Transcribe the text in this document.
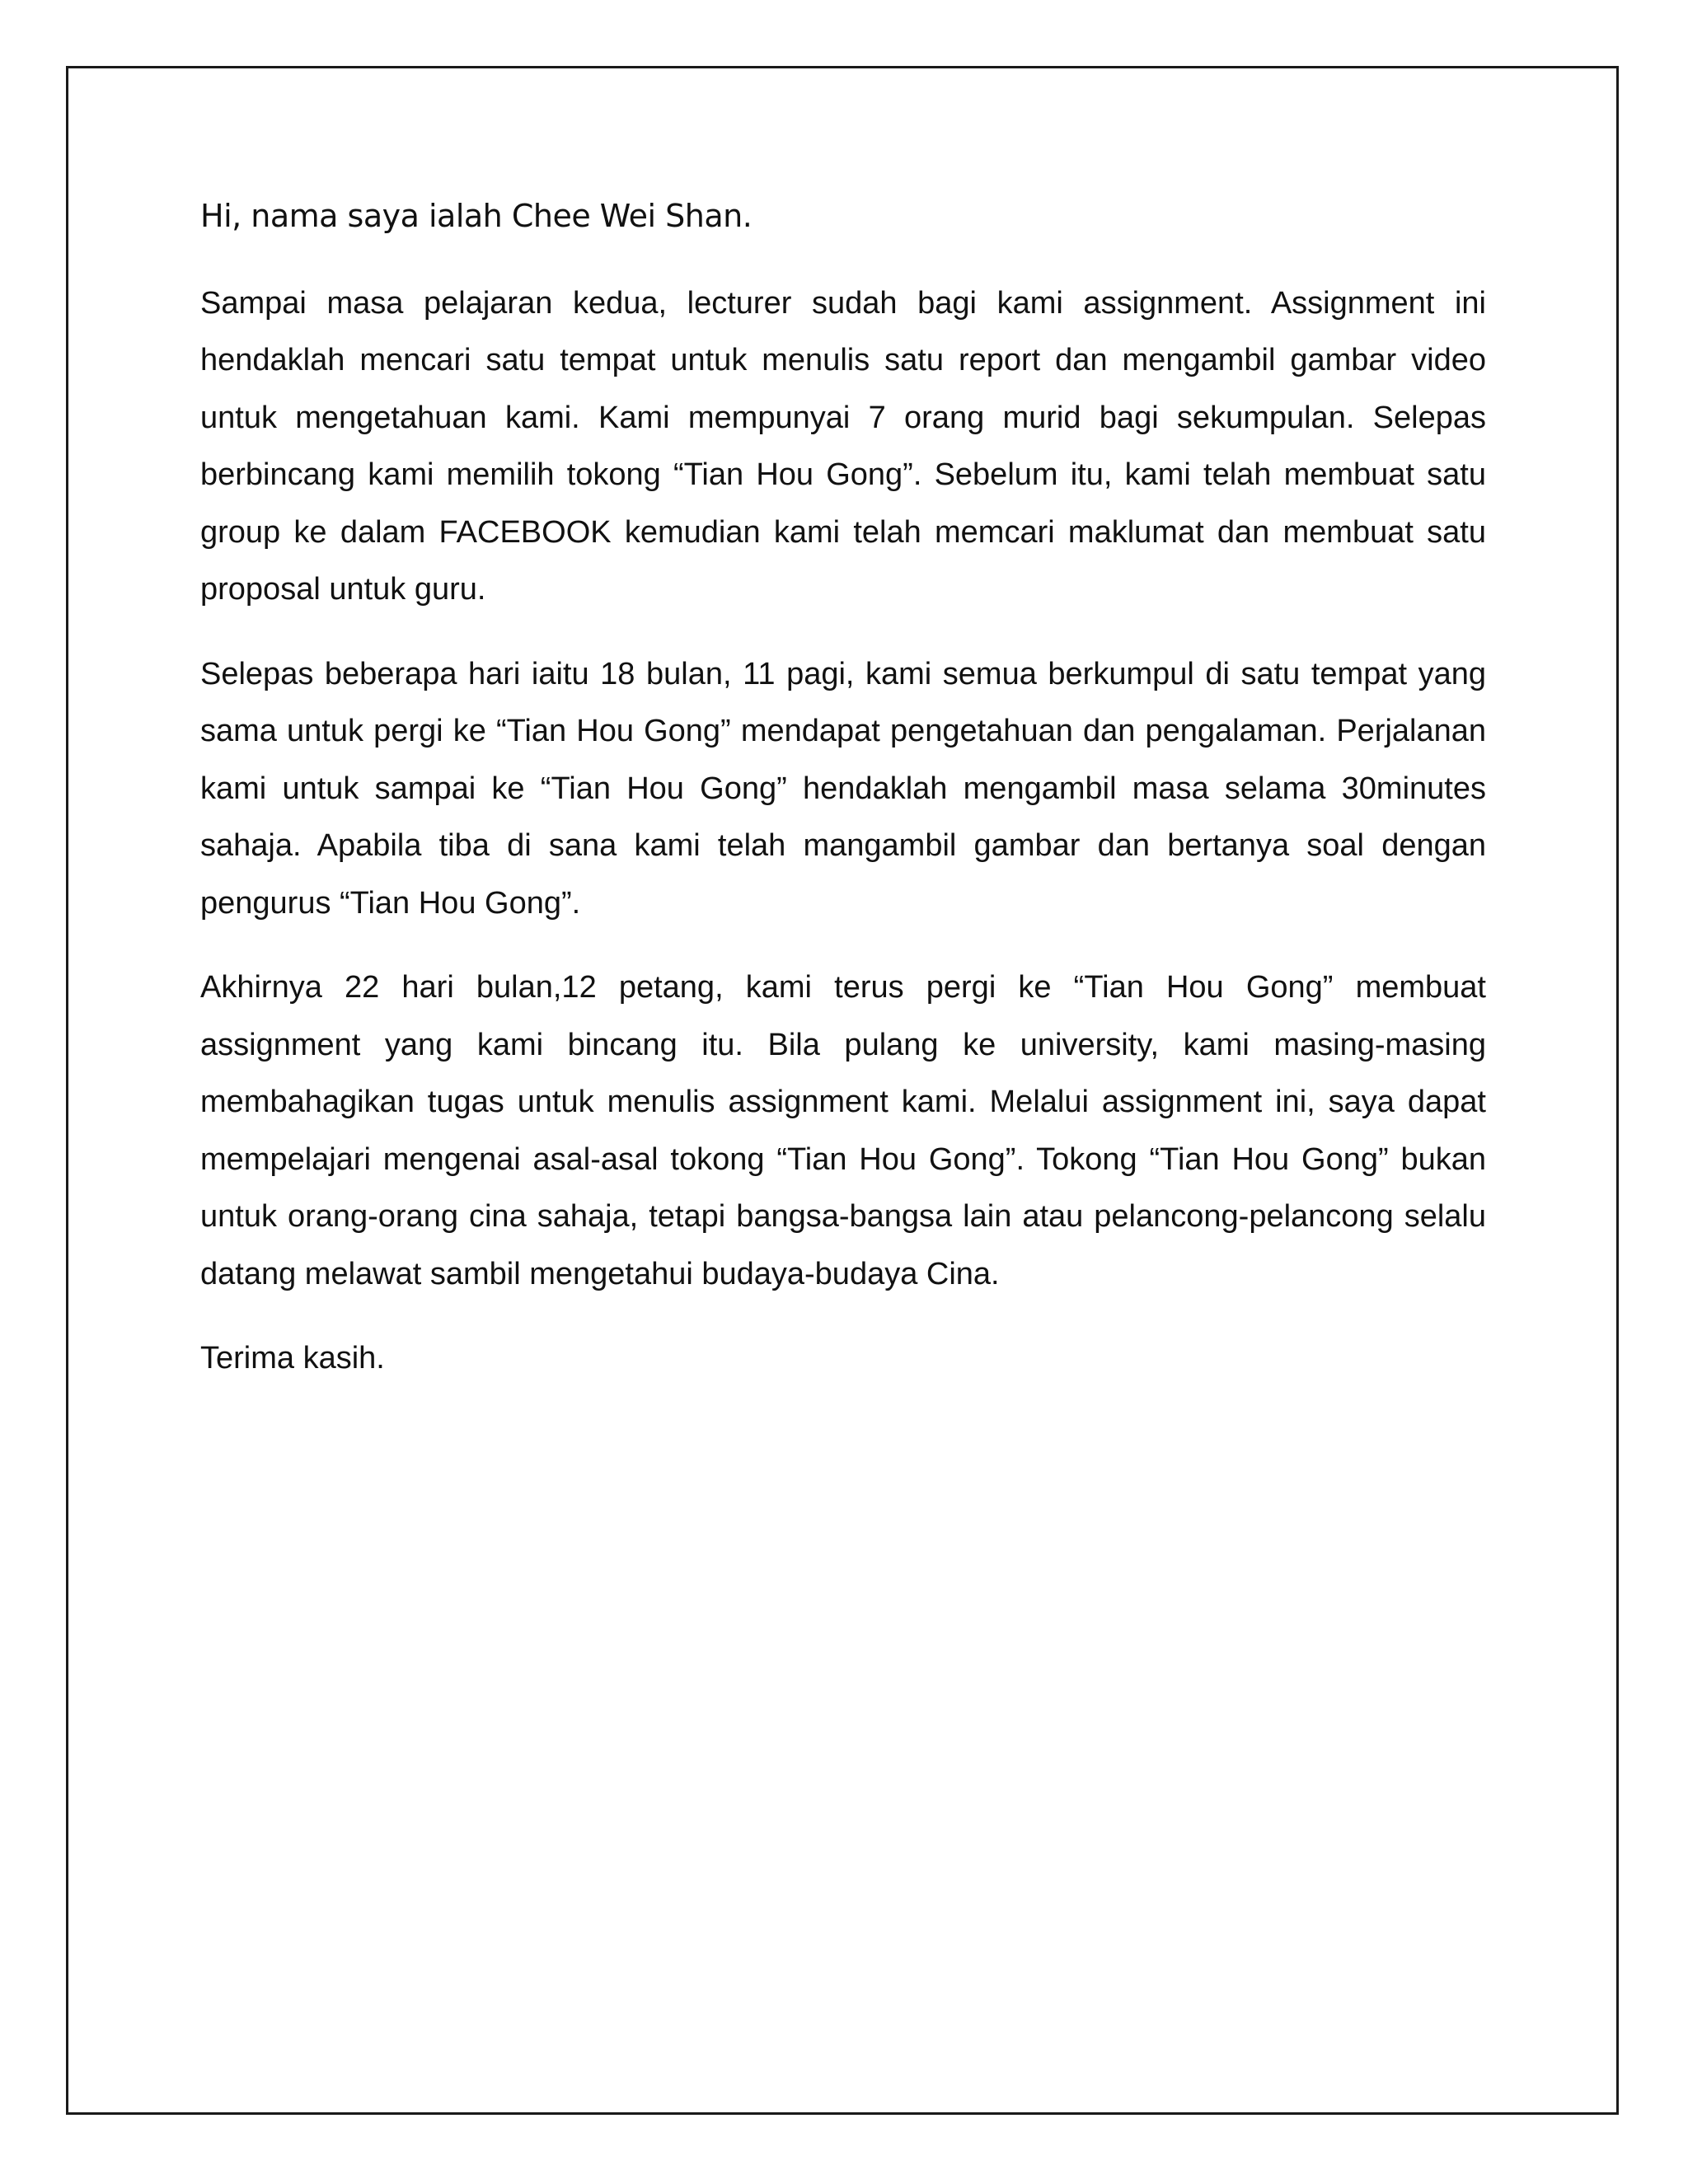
Hi, nama saya ialah Chee Wei Shan.

Sampai masa pelajaran kedua, lecturer sudah bagi kami assignment. Assignment ini hendaklah mencari satu tempat untuk menulis satu report dan mengambil gambar video untuk mengetahuan kami. Kami mempunyai 7 orang murid bagi sekumpulan. Selepas berbincang kami memilih tokong “Tian Hou Gong”. Sebelum itu, kami telah membuat satu group ke dalam FACEBOOK kemudian kami telah memcari maklumat dan membuat satu proposal untuk guru.

Selepas beberapa hari iaitu 18 bulan, 11 pagi, kami semua berkumpul di satu tempat yang sama untuk pergi ke “Tian Hou Gong” mendapat pengetahuan dan pengalaman. Perjalanan kami untuk sampai ke “Tian Hou Gong” hendaklah mengambil masa selama 30minutes sahaja. Apabila tiba di sana kami telah mangambil gambar dan bertanya soal dengan pengurus “Tian Hou Gong”.

Akhirnya 22 hari bulan,12 petang, kami terus pergi ke “Tian Hou Gong” membuat assignment yang kami bincang itu. Bila pulang ke university, kami masing-masing membahagikan tugas untuk menulis assignment kami. Melalui assignment ini, saya dapat mempelajari mengenai asal-asal tokong “Tian Hou Gong”. Tokong “Tian Hou Gong” bukan untuk orang-orang cina sahaja, tetapi bangsa-bangsa lain atau pelancong-pelancong selalu datang melawat sambil mengetahui budaya-budaya Cina.

Terima kasih.
